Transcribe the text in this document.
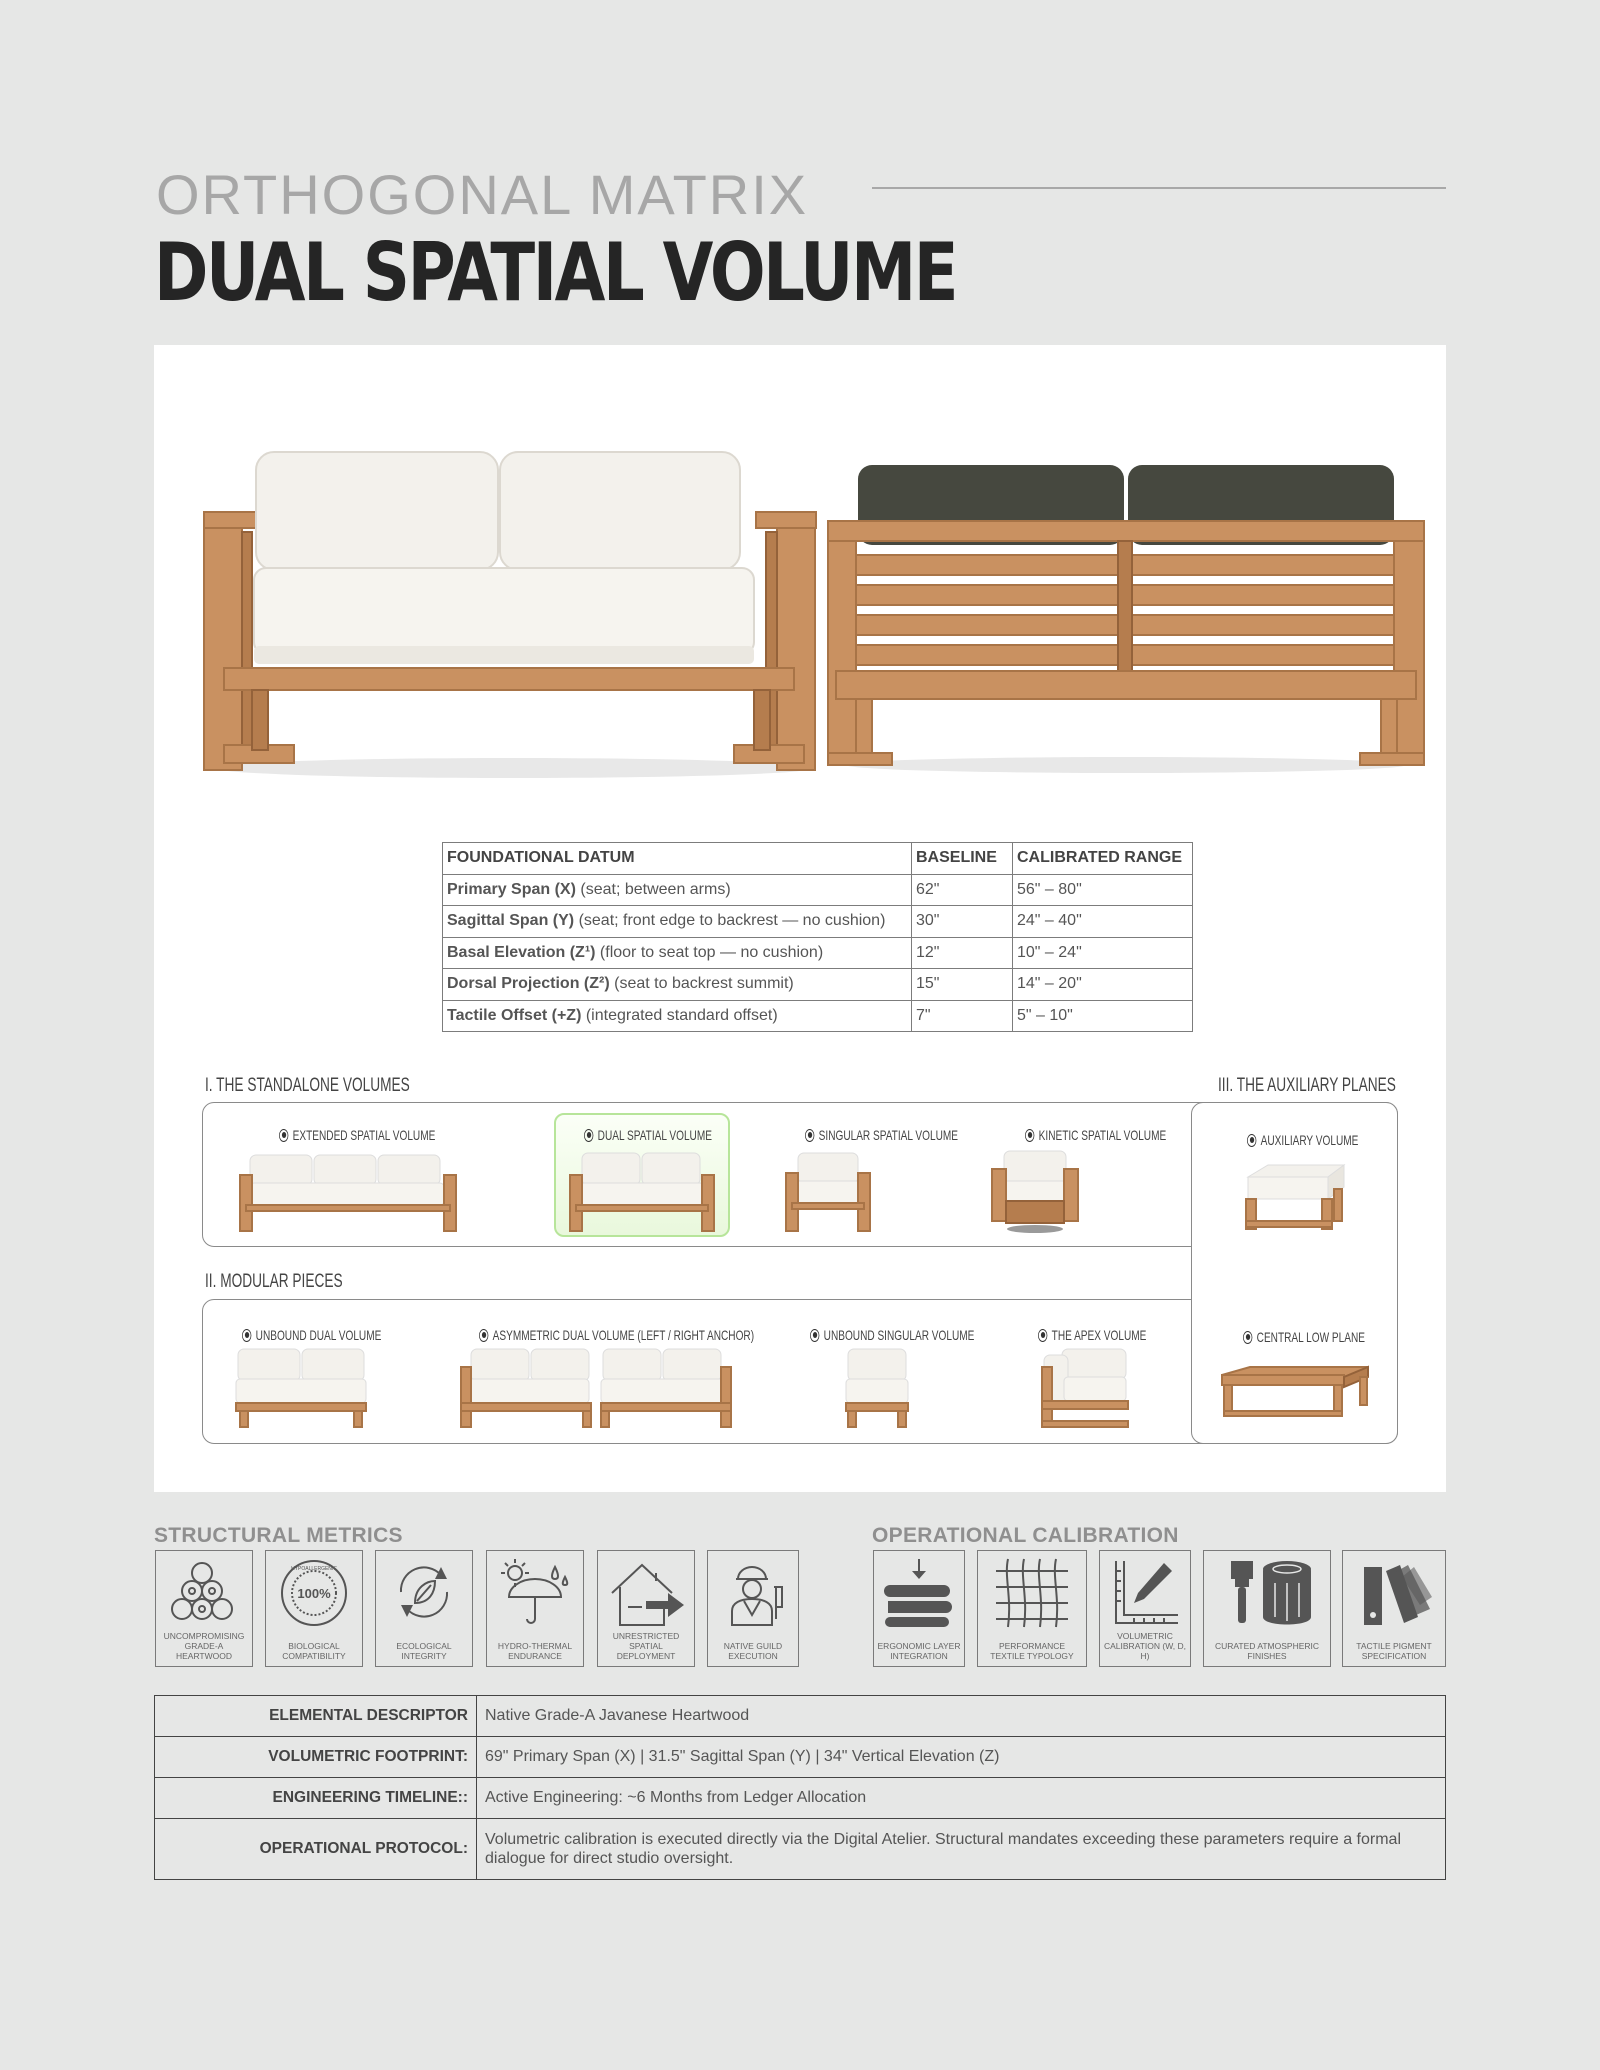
ORTHOGONAL MATRIX
DUAL SPATIAL VOLUME
FOUNDATIONAL DATUM	BASELINE	CALIBRATED RANGE
Primary Span (X) (seat; between arms)	62"	56" – 80"
Sagittal Span (Y) (seat; front edge to backrest — no cushion)	30"	24" – 40"
Basal Elevation (Z¹) (floor to seat top — no cushion)	12"	10" – 24"
Dorsal Projection (Z²) (seat to backrest summit)	15"	14" – 20"
Tactile Offset (+Z) (integrated standard offset)	7"	5" – 10"
I. THE STANDALONE VOLUMES
II. MODULAR PIECES
III. THE AUXILIARY PLANES
EXTENDED SPATIAL VOLUME	DUAL SPATIAL VOLUME	SINGULAR SPATIAL VOLUME	KINETIC SPATIAL VOLUME	AUXILIARY VOLUME
UNBOUND DUAL VOLUME	ASYMMETRIC DUAL VOLUME (LEFT / RIGHT ANCHOR)	UNBOUND SINGULAR VOLUME	THE APEX VOLUME	CENTRAL LOW PLANE
STRUCTURAL METRICS	OPERATIONAL CALIBRATION
UNCOMPROMISING GRADE-A HEARTWOOD
100%
HYPOALLERGENIC
BIOLOGICAL COMPATIBILITY
ECOLOGICAL INTEGRITY
HYDRO-THERMAL ENDURANCE
UNRESTRICTED SPATIAL DEPLOYMENT
NATIVE GUILD EXECUTION
ERGONOMIC LAYER INTEGRATION
PERFORMANCE TEXTILE TYPOLOGY
VOLUMETRIC CALIBRATION (W, D, H)
CURATED ATMOSPHERIC FINISHES
TACTILE PIGMENT SPECIFICATION
ELEMENTAL DESCRIPTOR	Native Grade-A Javanese Heartwood
VOLUMETRIC FOOTPRINT:	69" Primary Span (X) | 31.5" Sagittal Span (Y) | 34" Vertical Elevation (Z)
ENGINEERING TIMELINE::	Active Engineering: ~6 Months from Ledger Allocation
OPERATIONAL PROTOCOL:	Volumetric calibration is executed directly via the Digital Atelier. Structural mandates exceeding these parameters require a formal dialogue for direct studio oversight.
